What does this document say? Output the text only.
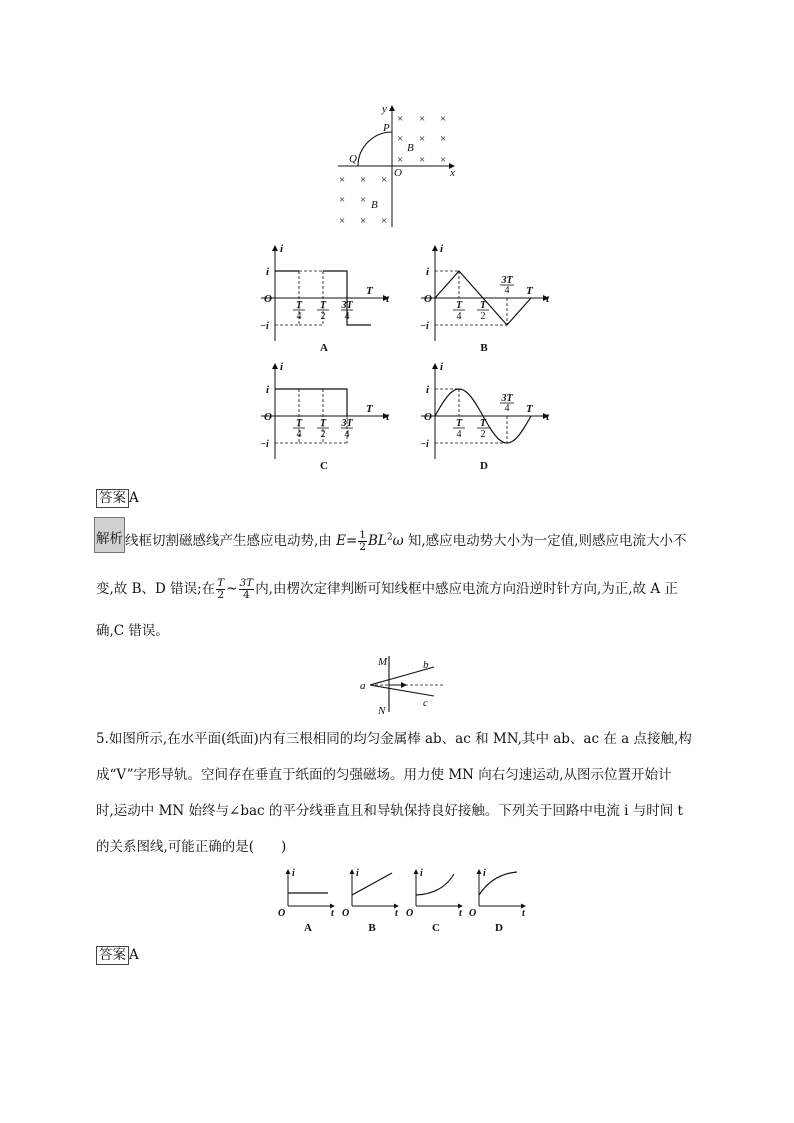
y
x
O
P
Q
B
B
× × ×
×	×
×	×
× × ×
× ×
× × ×
×
×
i
O
i
−i
t
T
T
4
T
2
3T
4
A
i
O
i
−i
t
T
T
4
T
2
3T
4
B
i
O
i
−i
t
T
T
4
T
2
3T
4
C
i
O
i
−i
t
T
T
4
T
2
3T
4
D
答案 A
解析 线框切割磁感线产生感应电动势,由 $E= \frac{1}{2} BL^2\omega$ 知,感应电动势大小为一定值,则感应电流大小不
变,故 B、D 错误;在 $\frac{T}{2}$ ~ $\frac{3T}{4}$ 内,由楞次定律判断可知线框中感应电流方向沿逆时针方向,为正,故 A 正
确,C 错误。
M
N
a
b
c
5.如图所示,在水平面(纸面)内有三根相同的均匀金属棒 ab、ac 和 MN,其中 ab、ac 在 a 点接触,构
成“V”字形导轨。空间存在垂直于纸面的匀强磁场。用力使 MN 向右匀速运动,从图示位置开始计
时,运动中 MN 始终与∠bac 的平分线垂直且和导轨保持良好接触。下列关于回路中电流 i 与时间 t
的关系图线,可能正确的是(　　)
i
O	t
A
i
O	t
B
i
O	t
C
i
O	t
D
答案 A
